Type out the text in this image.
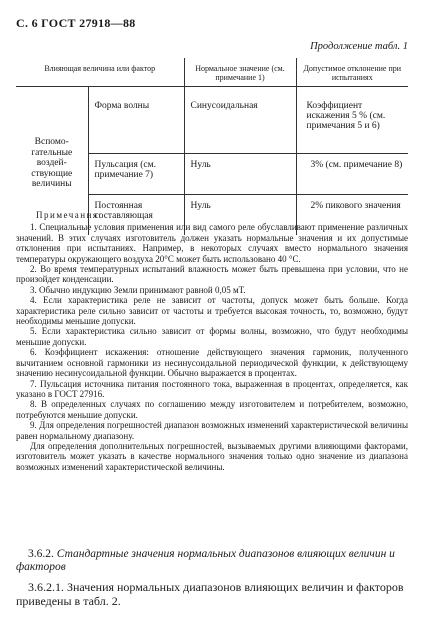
С. 6 ГОСТ 27918—88
Продолжение табл. 1
Влияющая величина или фактор		Нормальное значение (см. примечание 1)	Допустимое отклонение при испытаниях
Вспомо-гательные воздей-ствующие величины	Форма волны	Синусоидальная	Коэффициент искажения 5 % (см. примечания 5 и 6)
	Пульсация (см. примечание 7)	Нуль	3% (см. примечание 8)
	Постоянная составляющая	Нуль	2% пикового значения

Примечания:

1. Специальные условия применения или вид самого реле обуславливают применение различных значений. В этих случаях изготовитель должен указать нормальные значения и их допустимые отклонения при испытаниях. Например, в некоторых случаях вместо нормального значения температуры окружающего воздуха 20°С может быть использовано 40 °С.

2. Во время температурных испытаний влажность может быть превышена при условии, что не произойдет конденсации.

3. Обычно индукцию Земли принимают равной 0,05 мТ.

4. Если характеристика реле не зависит от частоты, допуск может быть больше. Когда характеристика реле сильно зависит от частоты и требуется высокая точность, то, возможно, будут необходимы меньшие допуски.

5. Если характеристика сильно зависит от формы волны, возможно, что будут необходимы меньшие допуски.

6. Коэффициент искажения: отношение действующего значения гармоник, полученного вычитанием основной гармоники из несинусоидальной периодической функции, к действующему значению несинусоидальной функции. Обычно выражается в процентах.

7. Пульсация источника питания постоянного тока, выраженная в процентах, определяется, как указано в ГОСТ 27916.

8. В определенных случаях по соглашению между изготовителем и потребителем, возможно, потребуются меньшие допуски.

9. Для определения погрешностей диапазон возможных изменений характеристической величины равен нормальному диапазону.

Для определения дополнительных погрешностей, вызываемых другими влияющими факторами, изготовитель может указать в качестве нормального значения только одно значение из диапазона возможных изменений характеристической величины.

3.6.2. Стандартные значения нормальных диапазонов влияющих величин и факторов

3.6.2.1. Значения нормальных диапазонов влияющих величин и факторов приведены в табл. 2.
